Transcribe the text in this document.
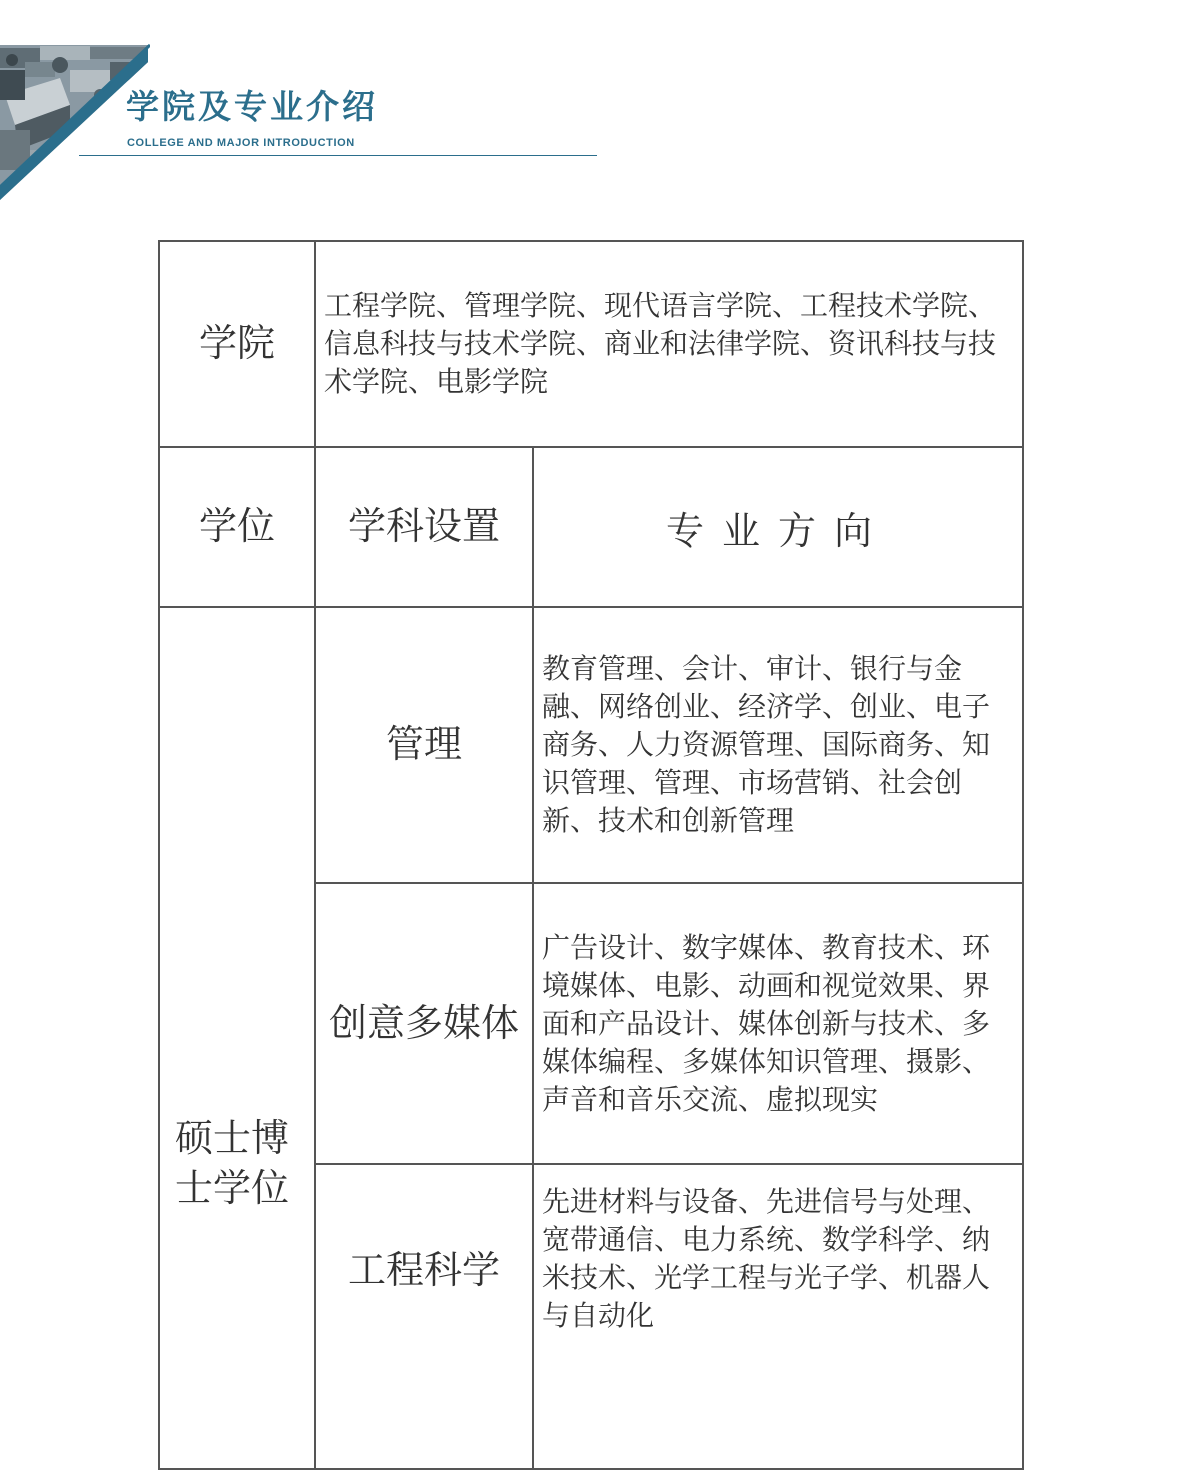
学院及专业介绍
COLLEGE AND MAJOR INTRODUCTION
学院	工程学院、管理学院、现代语言学院、工程技术学院、信息科技与技术学院、商业和法律学院、资讯科技与技术学院、电影学院	
学位	学科设置	专业方向

硕士博士学位	管理	教育管理、会计、审计、银行与金融、网络创业、经济学、创业、电子商务、人力资源管理、国际商务、知识管理、管理、市场营销、社会创新、技术和创新管理
	创意多媒体	广告设计、数字媒体、教育技术、环境媒体、电影、动画和视觉效果、界面和产品设计、媒体创新与技术、多媒体编程、多媒体知识管理、摄影、声音和音乐交流、虚拟现实
	工程科学	先进材料与设备、先进信号与处理、宽带通信、电力系统、数学科学、纳米技术、光学工程与光子学、机器人与自动化
